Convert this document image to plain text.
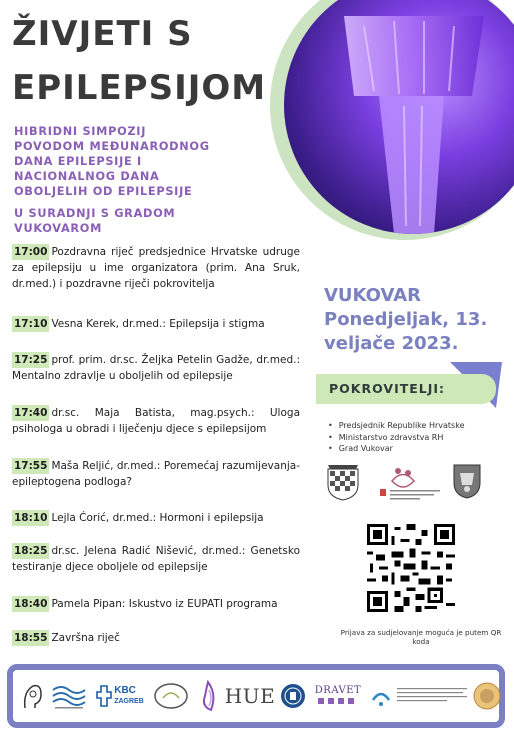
ŽIVJETI S
EPILEPSIJOM
HIBRIDNI SIMPOZIJ
POVODOM MEĐUNARODNOG
DANA EPILEPSIJE I
NACIONALNOG DANA
OBOLJELIH OD EPILEPSIJE
U SURADNJI S GRADOM
VUKOVAROM
17:00 Pozdravna riječ predsjednice Hrvatske udruge za epilepsiju u ime organizatora (prim. Ana Sruk, dr.med.) i pozdravne riječi pokrovitelja
17:10 Vesna Kerek, dr.med.: Epilepsija i stigma
17:25 prof. prim. dr.sc. Željka Petelin Gadže, dr.med.: Mentalno zdravlje u oboljelih od epilepsije
17:40 dr.sc. Maja Batista, mag.psych.: Uloga psihologa u obradi i liječenju djece s epilepsijom
17:55 Maša Reljić, dr.med.: Poremećaj razumijevanja- epileptogena podloga?
18:10 Lejla Ćorić, dr.med.: Hormoni i epilepsija
18:25 dr.sc. Jelena Radić Nišević, dr.med.: Genetsko testiranje djece oboljele od epilepsije
18:40 Pamela Pipan: Iskustvo iz EUPATI programa
18:55 Završna riječ
VUKOVAR
Ponedjeljak, 13.
veljače 2023.
POKROVITELJI:
• Predsjednik Republike Hrvatske
• Ministarstvo zdravstva RH
• Grad Vukovar
Prijava za sudjelovanje moguća je putem QR koda
KBC
ZAGREB	HUE	DRAVET
